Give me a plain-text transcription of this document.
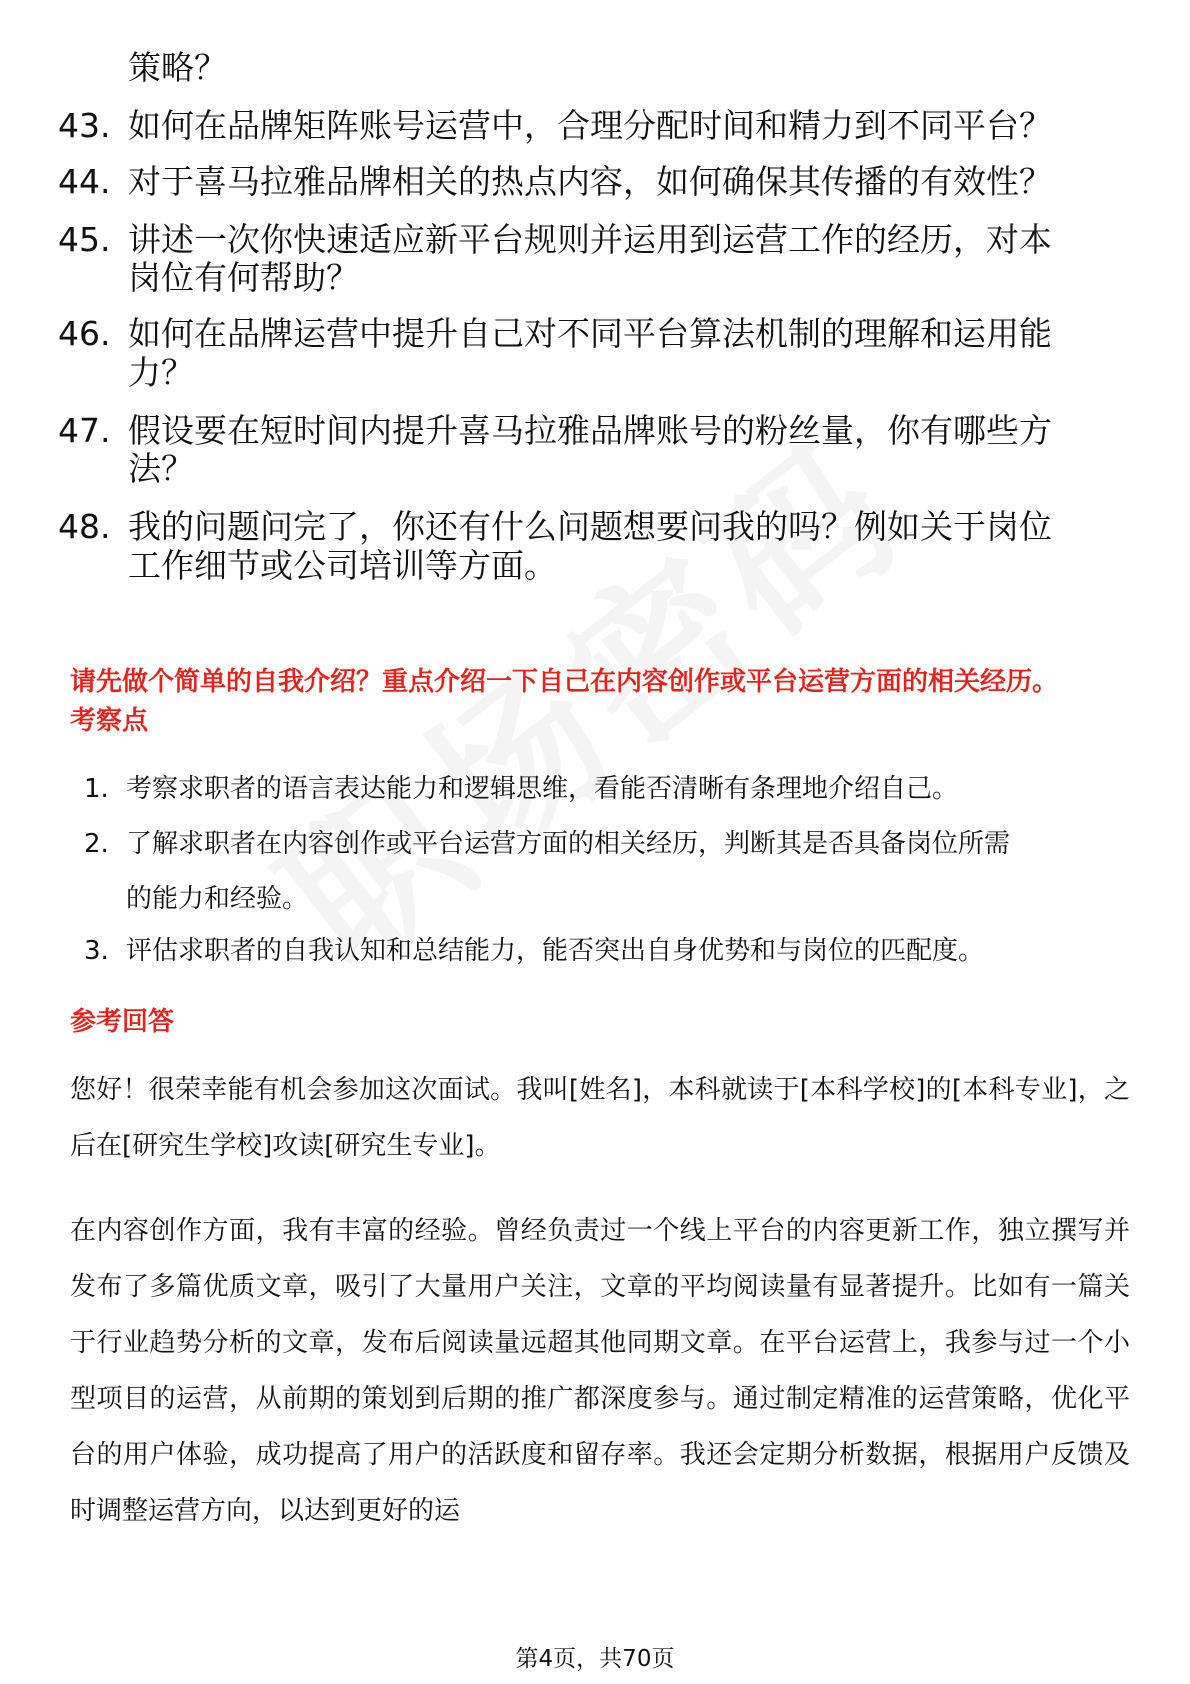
策略？
43. 如何在品牌矩阵账号运营中，合理分配时间和精力到不同平台？
44. 对于喜马拉雅品牌相关的热点内容，如何确保其传播的有效性？
45. 讲述一次你快速适应新平台规则并运用到运营工作的经历，对本
岗位有何帮助？
46. 如何在品牌运营中提升自己对不同平台算法机制的理解和运用能
力？
47. 假设要在短时间内提升喜马拉雅品牌账号的粉丝量，你有哪些方
法？
48. 我的问题问完了，你还有什么问题想要问我的吗？例如关于岗位
工作细节或公司培训等方面。
请先做个简单的自我介绍？重点介绍一下自己在内容创作或平台运营方面的相关经历。
考察点
1. 考察求职者的语言表达能力和逻辑思维，看能否清晰有条理地介绍自己。
2. 了解求职者在内容创作或平台运营方面的相关经历，判断其是否具备岗位所需
的能力和经验。
3. 评估求职者的自我认知和总结能力，能否突出自身优势和与岗位的匹配度。
参考回答
您好！很荣幸能有机会参加这次面试。我叫[姓名]，本科就读于[本科学校]的[本科专业]，之后在[研究生学校]攻读[研究生专业]。
在内容创作方面，我有丰富的经验。曾经负责过一个线上平台的内容更新工作，独立撰写并发布了多篇优质文章，吸引了大量用户关注，文章的平均阅读量有显著提升。比如有一篇关于行业趋势分析的文章，发布后阅读量远超其他同期文章。在平台运营上，我参与过一个小型项目的运营，从前期的策划到后期的推广都深度参与。通过制定精准的运营策略，优化平台的用户体验，成功提高了用户的活跃度和留存率。我还会定期分析数据，根据用户反馈及时调整运营方向，以达到更好的运
第4页，共70页
